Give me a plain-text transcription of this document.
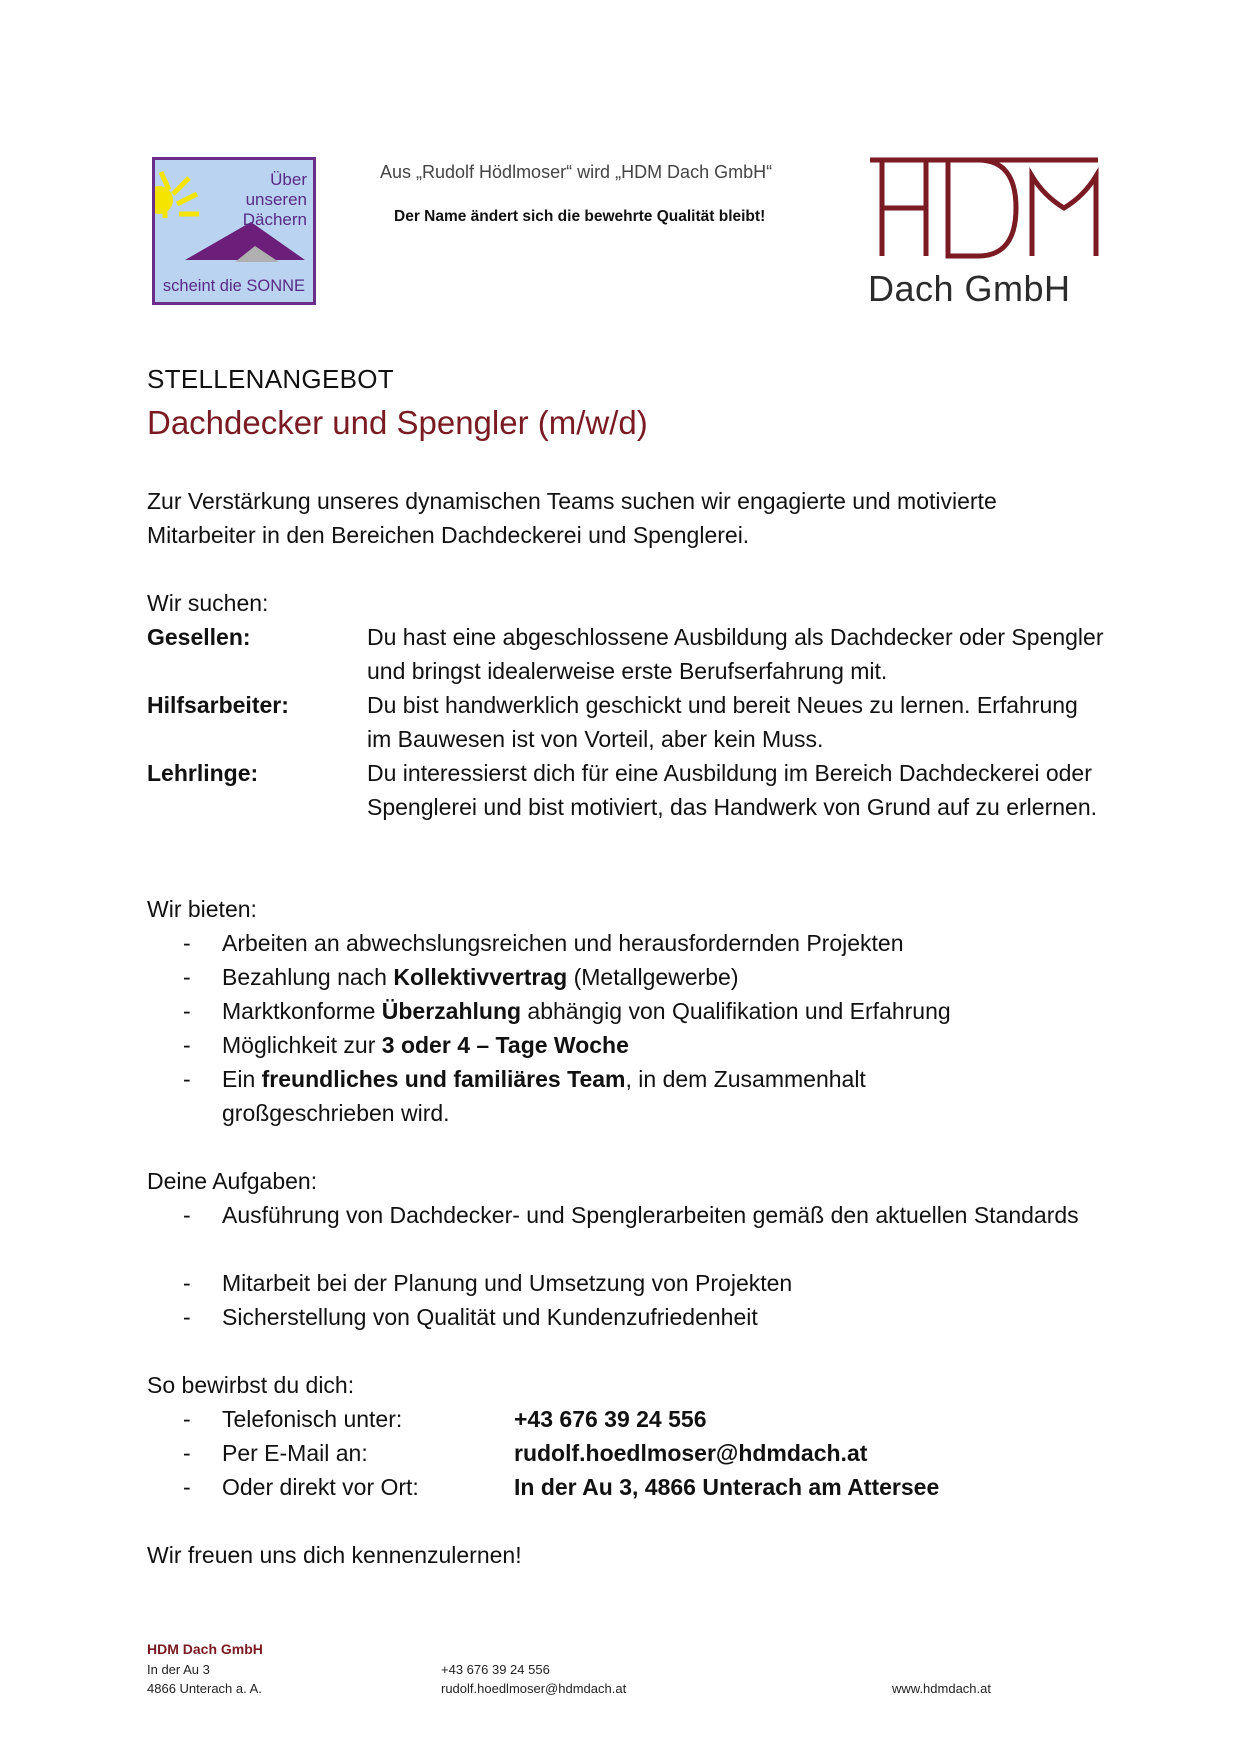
Über
unseren
Dächern
scheint die SONNE
Aus „Rudolf Hödlmoser“ wird „HDM Dach GmbH“
Der Name ändert sich die bewehrte Qualität bleibt!
Dach GmbH
STELLENANGEBOT
Dachdecker und Spengler (m/w/d)
Zur Verstärkung unseres dynamischen Teams suchen wir engagierte und motivierte Mitarbeiter in den Bereichen Dachdeckerei und Spenglerei.
Wir suchen:
Gesellen:	Du hast eine abgeschlossene Ausbildung als Dachdecker oder Spengler und bringst idealerweise erste Berufserfahrung mit.
Hilfsarbeiter:	Du bist handwerklich geschickt und bereit Neues zu lernen. Erfahrung im Bauwesen ist von Vorteil, aber kein Muss.
Lehrlinge:	Du interessierst dich für eine Ausbildung im Bereich Dachdeckerei oder Spenglerei und bist motiviert, das Handwerk von Grund auf zu erlernen.
Wir bieten:
- Arbeiten an abwechslungsreichen und herausfordernden Projekten
- Bezahlung nach Kollektivvertrag (Metallgewerbe)
- Marktkonforme Überzahlung abhängig von Qualifikation und Erfahrung
- Möglichkeit zur 3 oder 4 – Tage Woche
- Ein freundliches und familiäres Team, in dem Zusammenhalt großgeschrieben wird.
Deine Aufgaben:
- Ausführung von Dachdecker- und Spenglerarbeiten gemäß den aktuellen Standards
- Mitarbeit bei der Planung und Umsetzung von Projekten
- Sicherstellung von Qualität und Kundenzufriedenheit
So bewirbst du dich:
- Telefonisch unter:	+43 676 39 24 556
- Per E-Mail an:	rudolf.hoedlmoser@hdmdach.at
- Oder direkt vor Ort:	In der Au 3, 4866 Unterach am Attersee
Wir freuen uns dich kennenzulernen!
HDM Dach GmbH
In der Au 3
4866 Unterach a. A.
+43 676 39 24 556
rudolf.hoedlmoser@hdmdach.at	www.hdmdach.at
